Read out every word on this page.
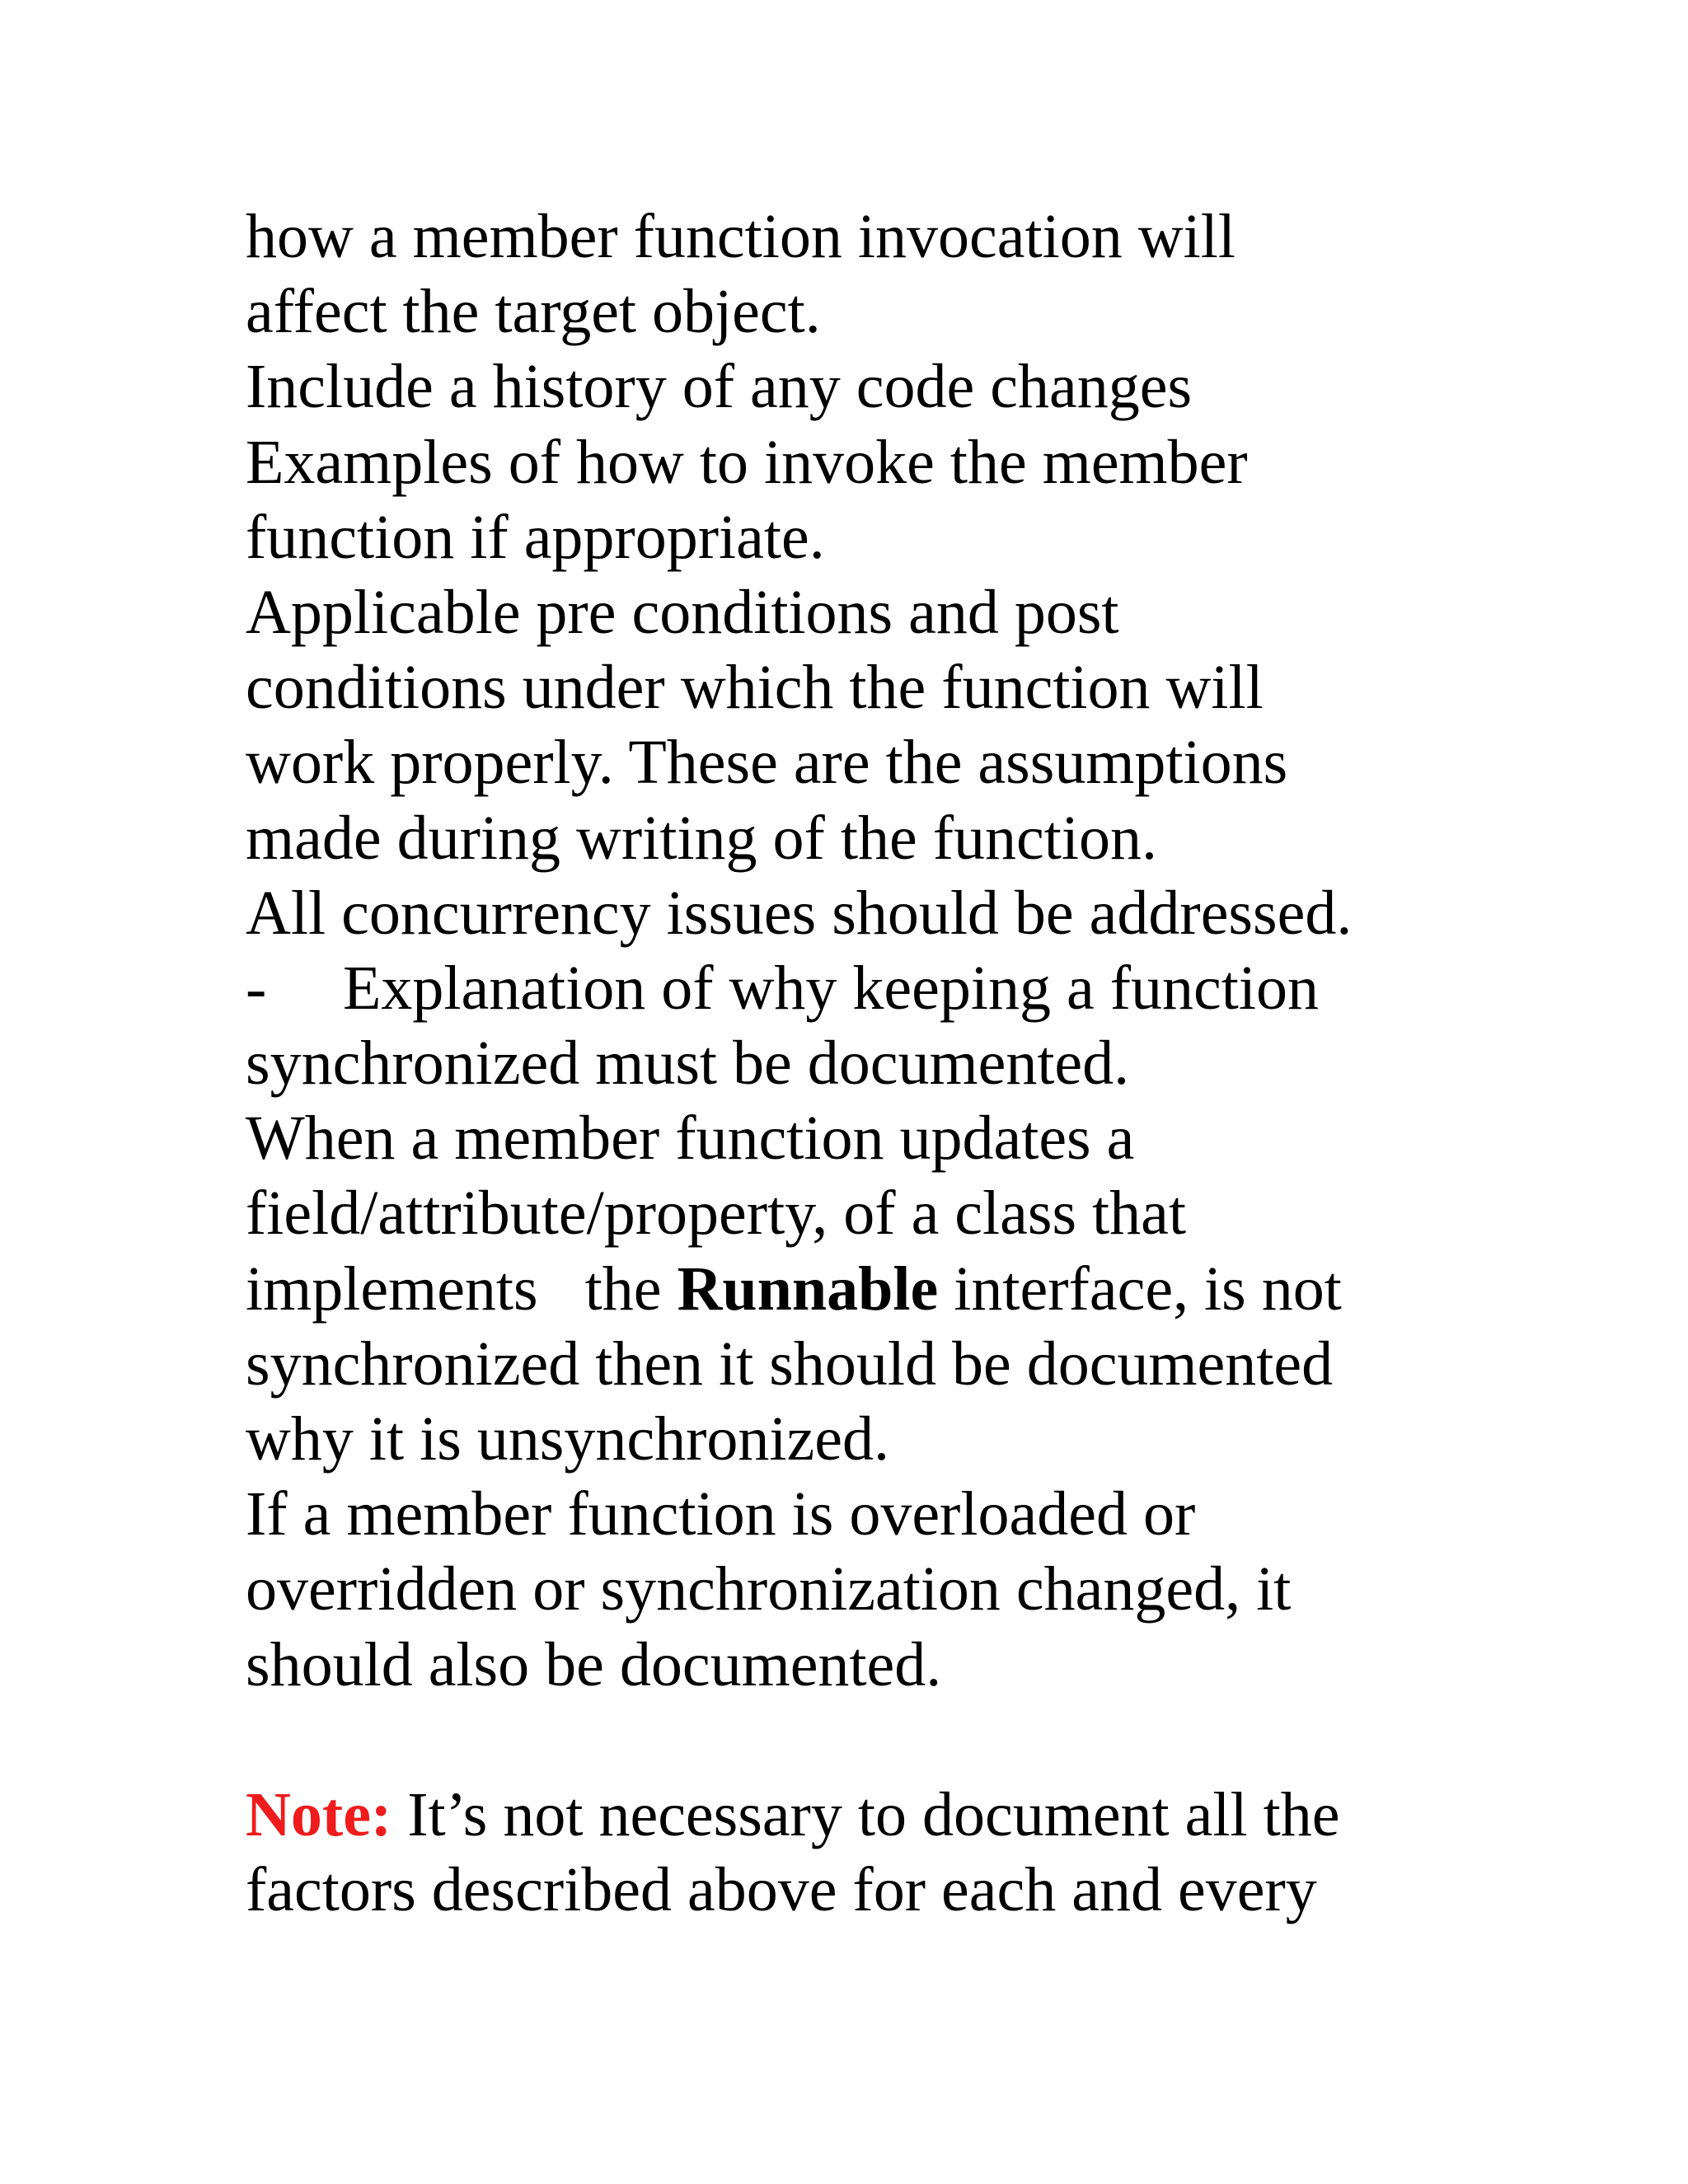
how a member function invocation will
affect the target object.
Include a history of any code changes
Examples of how to invoke the member
function if appropriate.
Applicable pre conditions and post
conditions under which the function will
work properly. These are the assumptions
made during writing of the function.
All concurrency issues should be addressed.
- Explanation of why keeping a function
synchronized must be documented.
When a member function updates a
field/attribute/property, of a class that
implements   the Runnable interface, is not
synchronized then it should be documented
why it is unsynchronized.
If a member function is overloaded or
overridden or synchronization changed, it
should also be documented.
Note: It’s not necessary to document all the
factors described above for each and every
